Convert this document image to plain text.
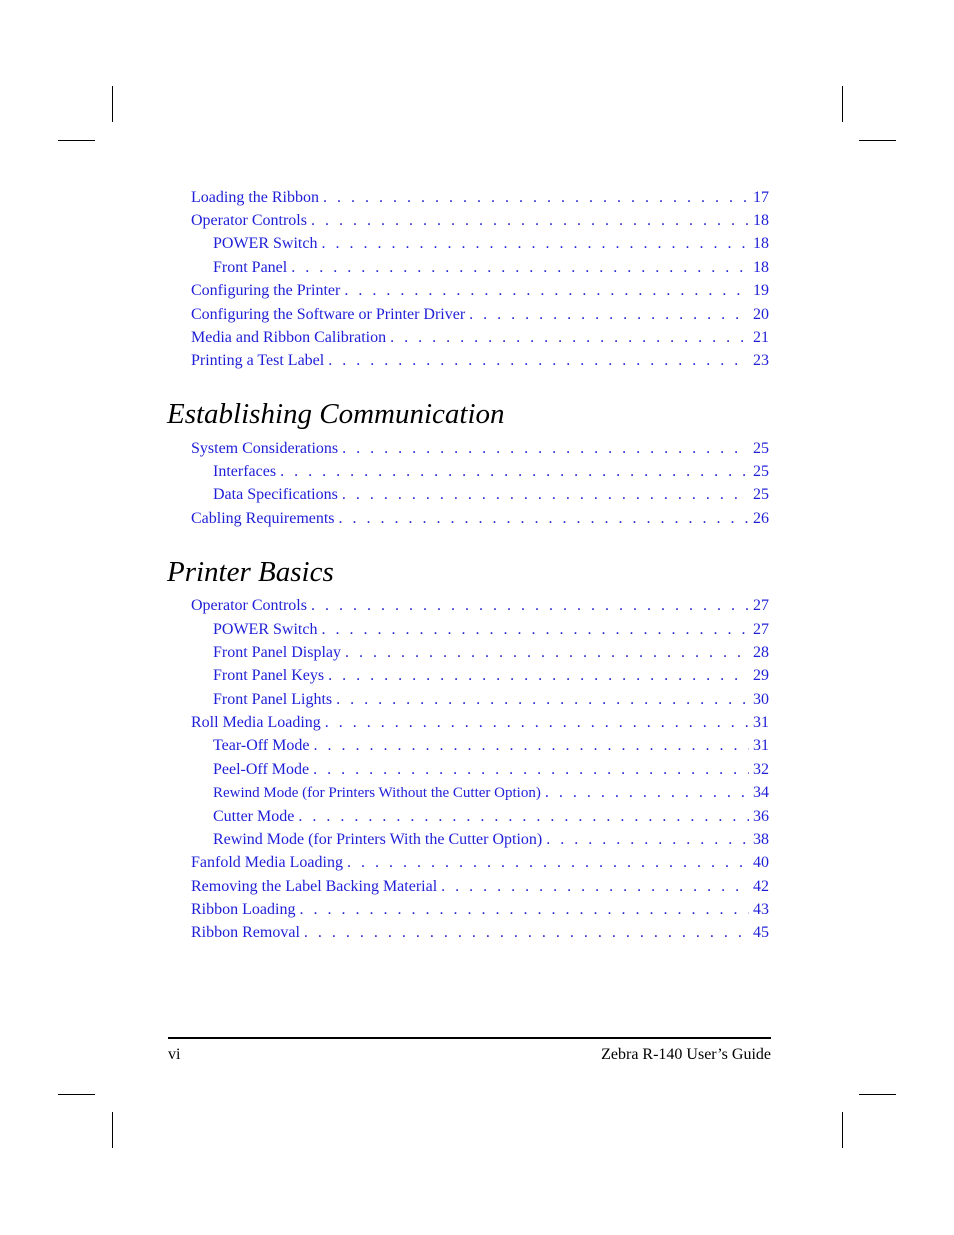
Loading the Ribbon . . .	17
Operator Controls . . .	18
POWER Switch . . .	18
Front Panel . . .	18
Configuring the Printer . . .	19
Configuring the Software or Printer Driver . . .	20
Media and Ribbon Calibration . . .	21
Printing a Test Label . . .	23
Establishing Communication
System Considerations . . .	25
Interfaces . . .	25
Data Specifications . . .	25
Cabling Requirements . . .	26
Printer Basics
Operator Controls . . .	27
POWER Switch . . .	27
Front Panel Display . . .	28
Front Panel Keys . . .	29
Front Panel Lights . . .	30
Roll Media Loading . . .	31
Tear-Off Mode . . .	31
Peel-Off Mode . . .	32
Rewind Mode (for Printers Without the Cutter Option) . . .	34
Cutter Mode . . .	36
Rewind Mode (for Printers With the Cutter Option) . . .	38
Fanfold Media Loading . . .	40
Removing the Label Backing Material . . .	42
Ribbon Loading . . .	43
Ribbon Removal . . .	45
vi	Zebra R-140 User’s Guide
